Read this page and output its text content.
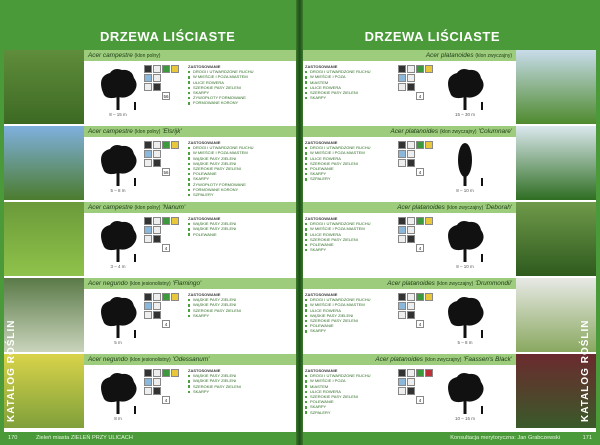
DRZEWA LIŚCIASTE
Acer campestre (klon polny)
8 – 15 m
56
ZASTOSOWANIE
DROGI I UTWARDZONE RUCHU
W MIEŚCIE I POZA MIASTEM
ULICE ROWERA
SZEROKIE PASY ZIELENI
SKARPY
ŻYWOPŁOTY FORMOWANE
FORMOWANE KORONY
Acer campestre (klon polny) 'Elsrijk'
5 – 8 m
56
ZASTOSOWANIE
DROGI I UTWARDZONE RUCHU
W MIEŚCIE I POZA MIASTEM
WĄSKIE PASY ZIELENI
WĄSKIE PASY ZIELENI
SZEROKIE PASY ZIELENI
POLEWANIE
SKARPY
ŻYWOPŁOTY FORMOWANE
FORMOWANE KORONY
SZPALERY
Acer campestre (klon polny) 'Nanum'
3 – 4 m
4
ZASTOSOWANIE
WĄSKIE PASY ZIELENI
WĄSKIE PASY ZIELENI
POLEWANIE
Acer negundo (klon jesionolistny) 'Flamingo'
5 m
4
ZASTOSOWANIE
WĄSKIE PASY ZIELENI
WĄSKIE PASY ZIELENI
SZEROKIE PASY ZIELENI
SKARPY
Acer negundo (klon jesionolistny) 'Odessanum'
8 m
4
ZASTOSOWANIE
WĄSKIE PASY ZIELENI
WĄSKIE PASY ZIELENI
SZEROKIE PASY ZIELENI
SKARPY
KATALOG ROŚLIN
DRZEWA LIŚCIASTE
Acer platanoides (klon zwyczajny)
15 – 30 m
4
ZASTOSOWANIE
DROGI I UTWARDZONE RUCHU
W MIEŚCIE I POZA
MIASTEM
ULICE ROWERA
SZEROKIE PASY ZIELENI
SKARPY
Acer platanoides (klon zwyczajny) 'Columnare'
8 – 10 m
4
ZASTOSOWANIE
DROGI I UTWARDZONE RUCHU
W MIEŚCIE I POZA MIASTEM
ULICE ROWERA
SZEROKIE PASY ZIELENI
POLEWANIE
SKARPY
SZPALERY
Acer platanoides (klon zwyczajny) 'Deborah'
8 – 10 m
4
ZASTOSOWANIE
DROGI I UTWARDZONE RUCHU
W MIEŚCIE I POZA MIASTEM
ULICE ROWERA
SZEROKIE PASY ZIELENI
POLEWANIE
SKARPY
Acer platanoides (klon zwyczajny) 'Drummondii'
5 – 8 m
4
ZASTOSOWANIE
DROGI I UTWARDZONE RUCHU
W MIEŚCIE I POZA MIASTEM
ULICE ROWERA
WĄSKIE PASY ZIELENI
SZEROKIE PASY ZIELENI
POLEWANIE
SKARPY
Acer platanoides (klon zwyczajny) 'Faassen's Black'
10 – 15 m
4
ZASTOSOWANIE
DROGI I UTWARDZONE RUCHU
W MIEŚCIE I POZA
MIASTEM
ULICE ROWERA
SZEROKIE PASY ZIELENI
POLEWANIE
SKARPY
SZPALERY	KATALOG ROŚLIN
170	Zieleń miasta ZIELEŃ PRZY ULICACH	Konsultacja merytoryczna: Jan Grabczewski	171
